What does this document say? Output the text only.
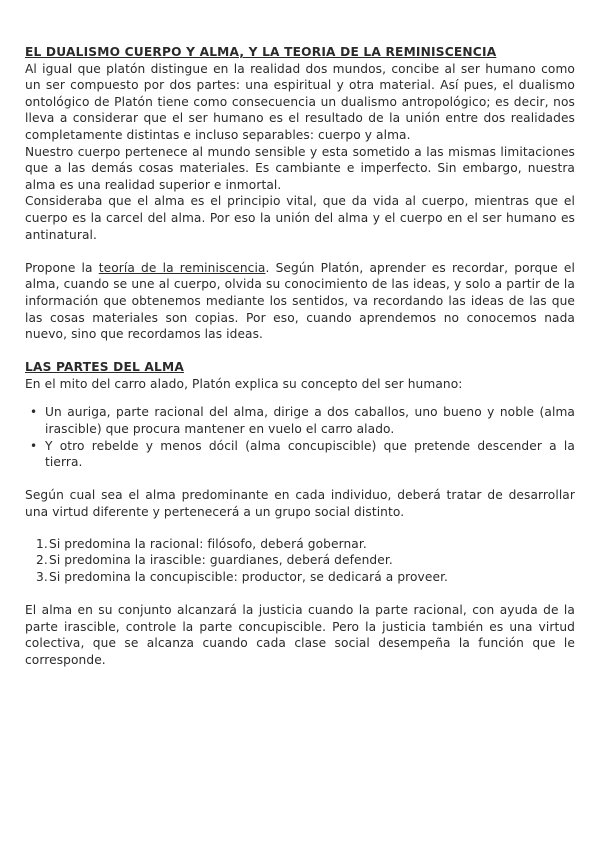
EL DUALISMO CUERPO Y ALMA, Y LA TEORIA DE LA REMINISCENCIA

Al igual que platón distingue en la realidad dos mundos, concibe al ser humano como un ser compuesto por dos partes: una espiritual y otra material. Así pues, el dualismo ontológico de Platón tiene como consecuencia un dualismo antropológico; es decir, nos lleva a considerar que el ser humano es el resultado de la unión entre dos realidades completamente distintas e incluso separables: cuerpo y alma.

Nuestro cuerpo pertenece al mundo sensible y esta sometido a las mismas limitaciones que a las demás cosas materiales. Es cambiante e imperfecto. Sin embargo, nuestra alma es una realidad superior e inmortal.

Consideraba que el alma es el principio vital, que da vida al cuerpo, mientras que el cuerpo es la carcel del alma. Por eso la unión del alma y el cuerpo en el ser humano es antinatural.

Propone la teoría de la reminiscencia. Según Platón, aprender es recordar, porque el alma, cuando se une al cuerpo, olvida su conocimiento de las ideas, y solo a partir de la información que obtenemos mediante los sentidos, va recordando las ideas de las que las cosas materiales son copias. Por eso, cuando aprendemos no conocemos nada nuevo, sino que recordamos las ideas.

LAS PARTES DEL ALMA

En el mito del carro alado, Platón explica su concepto del ser humano:

• Un auriga, parte racional del alma, dirige a dos caballos, uno bueno y noble (alma irascible) que procura mantener en vuelo el carro alado.
• Y otro rebelde y menos dócil (alma concupiscible) que pretende descender a la tierra.

Según cual sea el alma predominante en cada individuo, deberá tratar de desarrollar una virtud diferente y pertenecerá a un grupo social distinto.

1. Si predomina la racional: filósofo, deberá gobernar.
2. Si predomina la irascible: guardianes, deberá defender.
3. Si predomina la concupiscible: productor, se dedicará a proveer.

El alma en su conjunto alcanzará la justicia cuando la parte racional, con ayuda de la parte irascible, controle la parte concupiscible. Pero la justicia también es una virtud colectiva, que se alcanza cuando cada clase social desempeña la función que le corresponde.
